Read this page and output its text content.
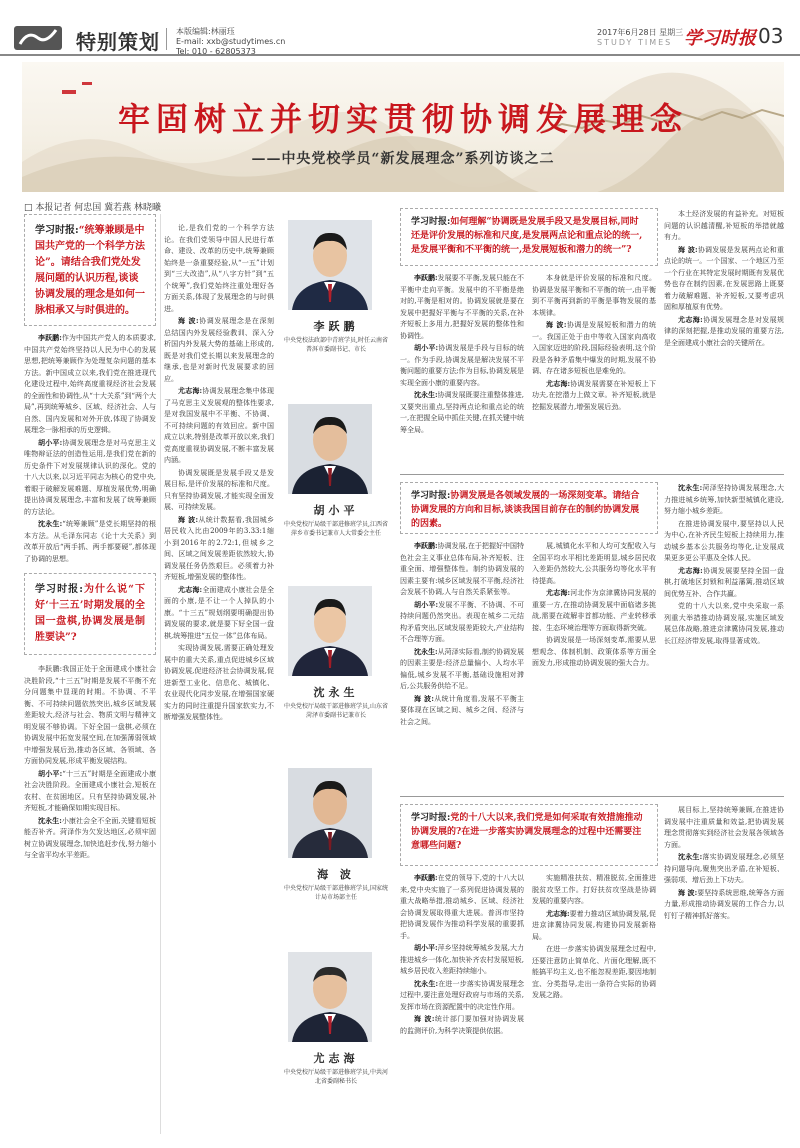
特别策划 本版编辑:林丽珏
E-mail: xxb@studytimes.cn
Tel: 010 - 62805373
2017年6月28日 星期三
STUDY TIMES 学习时报 03
牢固树立并切实贯彻协调发展理念
——中央党校学员“新发展理念”系列访谈之二
□ 本报记者 何忠国 冀若燕 林晓曦
学习时报:“统筹兼顾是中国共产党的一个科学方法论”。请结合我们党处发展问题的认识历程,谈谈协调发展的理念是如何一脉相承又与时俱进的。

李跃鹏:作为中国共产党人的本质要求,中国共产党始终坚持以人民为中心的发展思想,把统筹兼顾作为处理复杂问题的基本方法。新中国成立以来,我们党在推进现代化建设过程中,始终高度重视经济社会发展的全面性和协调性,从“十大关系”到“两个大局”,再到统筹城乡、区域、经济社会、人与自然、国内发展和对外开放,体现了协调发展理念一脉相承的历史逻辑。

胡小平:协调发展理念是对马克思主义唯物辩证法的创造性运用,是我们党在新的历史条件下对发展规律认识的深化。党的十八大以来,以习近平同志为核心的党中央,着眼于破解发展难题、厚植发展优势,明确提出协调发展理念,丰富和发展了统筹兼顾的方法论。

沈永生:“统筹兼顾”是党长期坚持的根本方法。从毛泽东同志《论十大关系》到改革开放后“两手抓、两手都要硬”,都体现了协调的思想。

学习时报:为什么说“下好‘十三五’时期发展的全国一盘棋,协调发展是制胜要诀”?

李跃鹏:我国正处于全面建成小康社会决胜阶段,“十三五”时期是发展不平衡不充分问题集中显现的时期。不协调、不平衡、不可持续问题依然突出,城乡区域发展差距较大,经济与社会、物质文明与精神文明发展不够协调。下好全国一盘棋,必须在协调发展中拓宽发展空间,在加强薄弱领域中增强发展后劲,推动各区域、各领域、各方面协同发展,形成平衡发展结构。

胡小平:“十三五”时期是全面建成小康社会决胜阶段。全面建成小康社会,短板在农村、在贫困地区。只有坚持协调发展,补齐短板,才能确保如期实现目标。

沈永生:小康社会全不全面,关键看短板能否补齐。菏泽作为欠发达地区,必须牢固树立协调发展理念,加快追赶步伐,努力缩小与全省平均水平差距。

论,是我们党的一个科学方法论。在我们党领导中国人民进行革命、建设、改革的历史中,统筹兼顾始终是一条重要经验,从“一五”计划到“三大改造”,从“八字方针”到“五个统筹”,我们党始终注重处理好各方面关系,体现了发展理念的与时俱进。

海 波:协调发展理念是在深刻总结国内外发展经验教训、深入分析国内外发展大势的基础上形成的,既是对我们党长期以来发展理念的继承,也是对新时代发展要求的回应。

尤志海:协调发展理念集中体现了马克思主义发展观的整体性要求,是对我国发展中不平衡、不协调、不可持续问题的有效回应。新中国成立以来,特别是改革开放以来,我们党高度重视协调发展,不断丰富发展内涵。

协调发展既是发展手段又是发展目标,是评价发展的标准和尺度。只有坚持协调发展,才能实现全面发展、可持续发展。

海 波:从统计数据看,我国城乡居民收入比由2009年的3.33:1缩小到2016年的2.72:1,但城乡之间、区域之间发展差距依然较大,协调发展任务仍然艰巨。必须着力补齐短板,增强发展的整体性。

尤志海:全面建成小康社会是全面的小康,是不让一个人掉队的小康。“十三五”规划纲要明确提出协调发展的要求,就是要下好全国一盘棋,统筹推进“五位一体”总体布局。

实现协调发展,需要正确处理发展中的重大关系,重点促进城乡区域协调发展,促进经济社会协调发展,促进新型工业化、信息化、城镇化、农业现代化同步发展,在增强国家硬实力的同时注重提升国家软实力,不断增强发展整体性。

李跃鹏
中央党校法政部中青班学员,时任云南省普洱市委副书记、市长
胡小平
中央党校厅局级干部进修班学员,江西省萍乡市委书记兼市人大常委会主任
沈永生
中央党校厅局级干部进修班学员,山东省菏泽市委副书记兼市长
海 波
中央党校厅局级干部进修班学员,国家统计局市场部主任
尤志海
中央党校厅局级干部进修班学员,中共河北省委副秘书长
学习时报:如何理解“协调既是发展手段又是发展目标,同时还是评价发展的标准和尺度,是发展两点论和重点论的统一,是发展平衡和不平衡的统一,是发展短板和潜力的统一”?

李跃鹏:发展要不平衡,发展只能在不平衡中走向平衡。发展中的不平衡是绝对的,平衡是相对的。协调发展就是要在发展中把握好平衡与不平衡的关系,在补齐短板上多用力,把握好发展的整体性和协调性。

胡小平:协调发展是手段与目标的统一。作为手段,协调发展是解决发展不平衡问题的重要方法;作为目标,协调发展是实现全面小康的重要内容。

沈永生:协调发展既要注重整体推进,又要突出重点,坚持两点论和重点论的统一,在把握全局中抓住关键,在抓关键中统筹全局。

本身就是评价发展的标准和尺度。协调是发展平衡和不平衡的统一,由平衡到不平衡再到新的平衡是事物发展的基本规律。

海 波:协调是发展短板和潜力的统一。我国正处于由中等收入国家向高收入国家迈进的阶段,国际经验表明,这个阶段是各种矛盾集中爆发的时期,发展不协调、存在诸多短板也是难免的。

尤志海:协调发展需要在补短板上下功夫,在挖潜力上做文章。补齐短板,就是挖掘发展潜力,增强发展后劲。

本土经济发展的有益补充。对短板问题的认识越清醒,补短板的举措就越有力。

海 波:协调发展是发展两点论和重点论的统一。一个国家、一个地区乃至一个行业在其特定发展时期既有发展优势也存在制约因素,在发展思路上既要着力破解难题、补齐短板,又要考虑巩固和厚植原有优势。

尤志海:协调发展理念是对发展规律的深刻把握,是推动发展的重要方法,是全面建成小康社会的关键所在。

学习时报:协调发展是各领域发展的一场深刻变革。请结合协调发展的方向和目标,谈谈我国目前存在的制约协调发展的因素。

李跃鹏:协调发展,在于把握好中国特色社会主义事业总体布局,补齐短板、注重全面、增强整体性。制约协调发展的因素主要有:城乡区域发展不平衡,经济社会发展不协调,人与自然关系紧张等。

胡小平:发展不平衡、不协调、不可持续问题仍然突出。表现在城乡二元结构矛盾突出,区域发展差距较大,产业结构不合理等方面。

沈永生:从菏泽实际看,制约协调发展的因素主要是:经济总量偏小、人均水平偏低,城乡发展不平衡,基础设施相对滞后,公共服务供给不足。

海 波:从统计角度看,发展不平衡主要体现在区域之间、城乡之间、经济与社会之间。

展,城镇化水平和人均可支配收入与全国平均水平相比差距明显,城乡居民收入差距仍然较大,公共服务均等化水平有待提高。

尤志海:河北作为京津冀协同发展的重要一方,在推动协调发展中面临诸多挑战,需要在疏解非首都功能、产业转移承接、生态环境治理等方面取得新突破。

协调发展是一场深刻变革,需要从思想观念、体制机制、政策体系等方面全面发力,形成推动协调发展的强大合力。

沈永生:菏泽坚持协调发展理念,大力推进城乡统筹,加快新型城镇化建设,努力缩小城乡差距。

在推进协调发展中,要坚持以人民为中心,在补齐民生短板上持续用力,推动城乡基本公共服务均等化,让发展成果更多更公平惠及全体人民。

尤志海:协调发展要坚持全国一盘棋,打破地区封锁和利益藩篱,推动区域间优势互补、合作共赢。

党的十八大以来,党中央采取一系列重大举措推动协调发展,实施区域发展总体战略,推进京津冀协同发展,推动长江经济带发展,取得显著成效。

学习时报:党的十八大以来,我们党是如何采取有效措施推动协调发展的?在进一步落实协调发展理念的过程中还需要注意哪些问题?

李跃鹏:在党的领导下,党的十八大以来,党中央实施了一系列促进协调发展的重大战略举措,推动城乡、区域、经济社会协调发展取得重大进展。普洱市坚持把协调发展作为推动科学发展的重要抓手。

胡小平:萍乡坚持统筹城乡发展,大力推进城乡一体化,加快补齐农村发展短板,城乡居民收入差距持续缩小。

沈永生:在进一步落实协调发展理念过程中,要注意处理好政府与市场的关系,发挥市场在资源配置中的决定性作用。

海 波:统计部门要加强对协调发展的监测评价,为科学决策提供依据。

实施精准扶贫、精准脱贫,全面推进脱贫攻坚工作。打好扶贫攻坚战是协调发展的重要内容。

尤志海:要着力推动区域协调发展,促进京津冀协同发展,构建协同发展新格局。

在进一步落实协调发展理念过程中,还要注意防止简单化、片面化理解,既不能搞平均主义,也不能忽视差距,要因地制宜、分类指导,走出一条符合实际的协调发展之路。

展目标上,坚持统筹兼顾,在推进协调发展中注重质量和效益,把协调发展理念贯彻落实到经济社会发展各领域各方面。

沈永生:落实协调发展理念,必须坚持问题导向,聚焦突出矛盾,在补短板、强弱项、增后劲上下功夫。

海 波:要坚持系统思维,统筹各方面力量,形成推动协调发展的工作合力,以钉钉子精神抓好落实。
